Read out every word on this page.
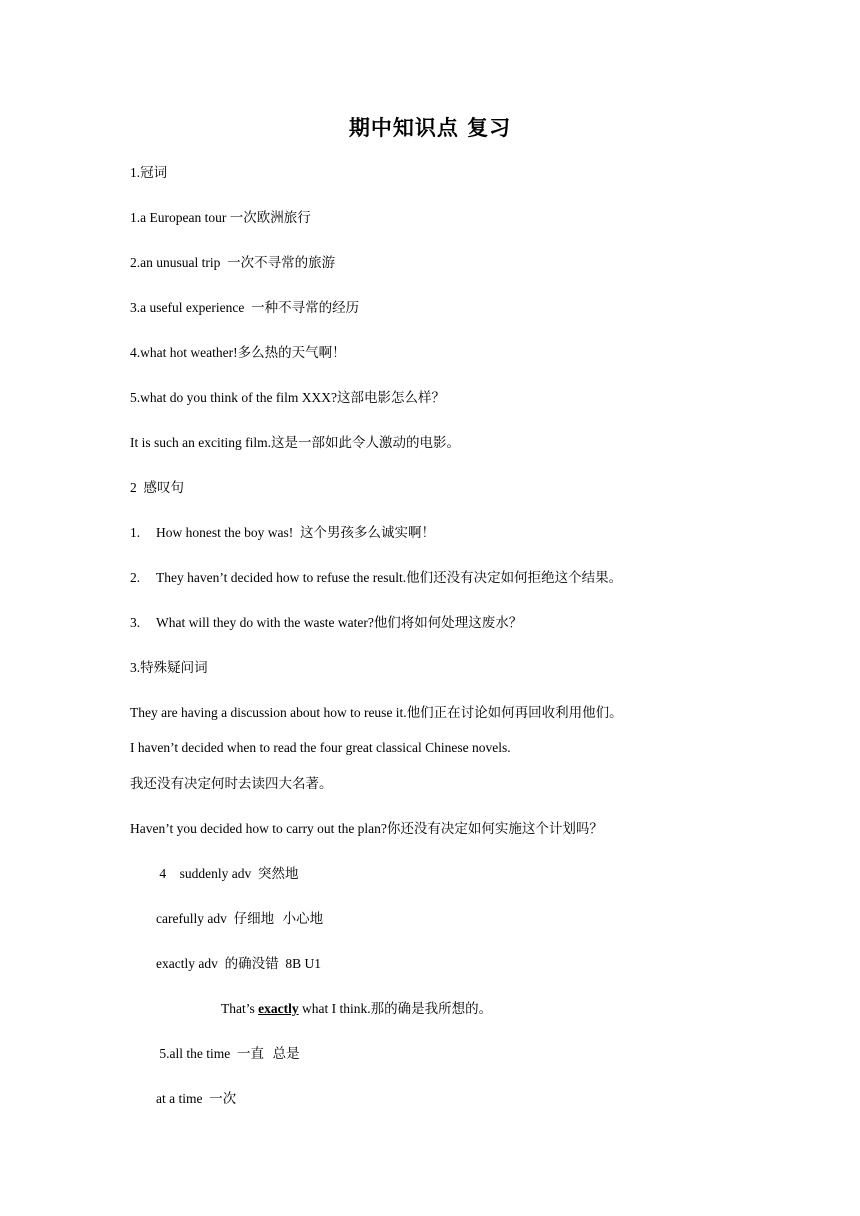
期中知识点 复习
1.冠词
1.a European tour 一次欧洲旅行
2.an unusual trip  一次不寻常的旅游
3.a useful experience  一种不寻常的经历
4.what hot weather!多么热的天气啊！
5.what do you think of the film XXX?这部电影怎么样？
It is such an exciting film.这是一部如此令人激动的电影。
2  感叹句
1. How honest the boy was!  这个男孩多么诚实啊！
2. They haven’t decided how to refuse the result.他们还没有决定如何拒绝这个结果。
3. What will they do with the waste water?他们将如何处理这废水？
3.特殊疑问词
They are having a discussion about how to reuse it.他们正在讨论如何再回收利用他们。
I haven’t decided when to read the four great classical Chinese novels.
我还没有决定何时去读四大名著。
Haven’t you decided how to carry out the plan?你还没有决定如何实施这个计划吗？
4    suddenly adv  突然地
carefully adv  仔细地  小心地
exactly adv  的确没错  8B U1
That’s exactly what I think.那的确是我所想的。
5.all the time  一直  总是
at a time  一次
